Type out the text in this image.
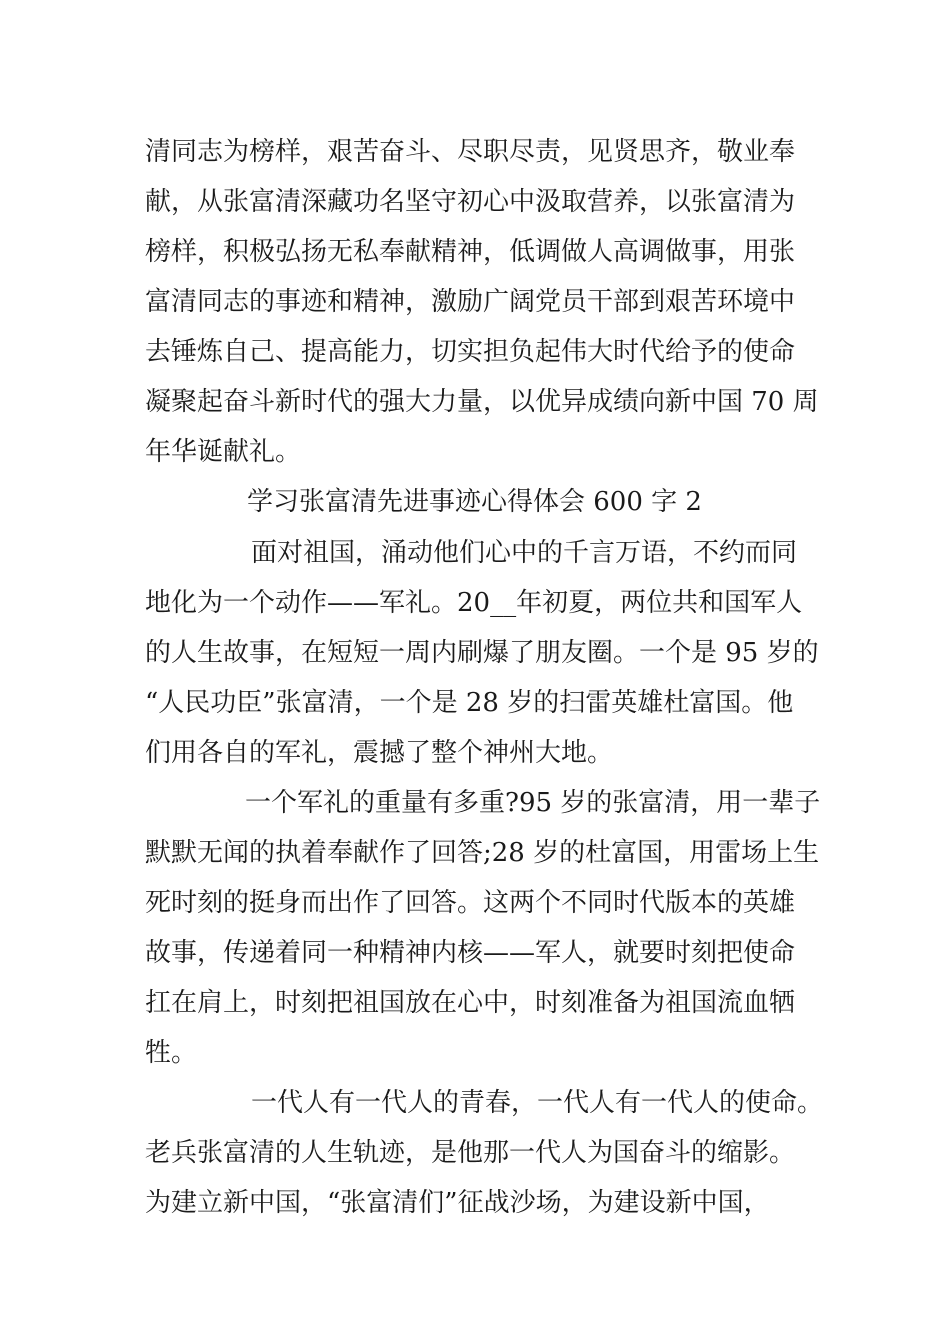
清同志为榜样，艰苦奋斗、尽职尽责，见贤思齐，敬业奉
献，从张富清深藏功名坚守初心中汲取营养，以张富清为
榜样，积极弘扬无私奉献精神，低调做人高调做事，用张
富清同志的事迹和精神，激励广阔党员干部到艰苦环境中
去锤炼自己、提高能力，切实担负起伟大时代给予的使命
凝聚起奋斗新时代的强大力量，以优异成绩向新中国 70 周
年华诞献礼。
学习张富清先进事迹心得体会 600 字 2
面对祖国，涌动他们心中的千言万语，不约而同
地化为一个动作——军礼。20__年初夏，两位共和国军人
的人生故事，在短短一周内刷爆了朋友圈。一个是 95 岁的
“人民功臣”张富清，一个是 28 岁的扫雷英雄杜富国。他
们用各自的军礼，震撼了整个神州大地。
一个军礼的重量有多重?95 岁的张富清，用一辈子
默默无闻的执着奉献作了回答;28 岁的杜富国，用雷场上生
死时刻的挺身而出作了回答。这两个不同时代版本的英雄
故事，传递着同一种精神内核——军人，就要时刻把使命
扛在肩上，时刻把祖国放在心中，时刻准备为祖国流血牺
牲。
一代人有一代人的青春，一代人有一代人的使命。
老兵张富清的人生轨迹，是他那一代人为国奋斗的缩影。
为建立新中国，“张富清们”征战沙场，为建设新中国，
